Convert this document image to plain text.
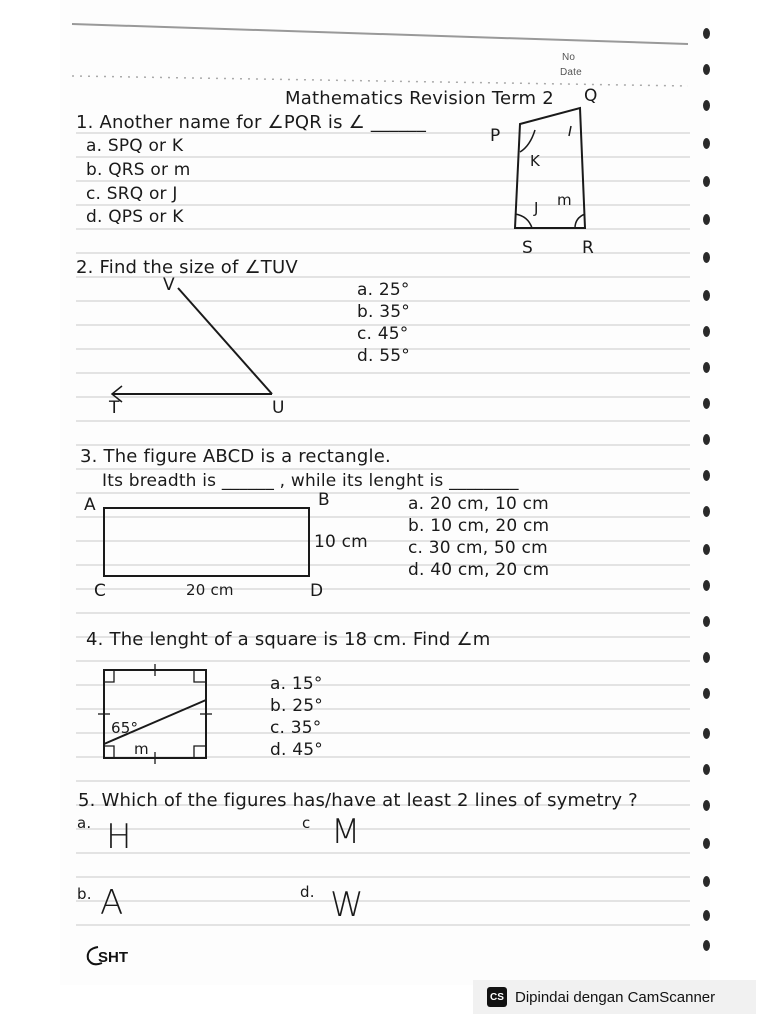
No
Date
Mathematics Revision Term 2
1. Another name for ∠PQR is ∠ ______
a. SPQ or K
b. QRS or m
c. SRQ or J
d. QPS or K
P
Q
R
S
K
J m
2. Find the size of ∠TUV
a. 25°
b. 35°
c. 45°
d. 55°
V
T	U
3. The figure ABCD is a rectangle.
Its breadth is ______ , while its lenght is ________
a. 20 cm, 10 cm
b. 10 cm, 20 cm
c. 30 cm, 50 cm
d. 40 cm, 20 cm
A	B
C	D
10 cm
20 cm
4. The lenght of a square is 18 cm. Find ∠m
a. 15°
b. 25°
c. 35°
d. 45°
65°
m
5. Which of the figures has/have at least 2 lines of symetry ?
a. H	c M
b. A	d. W
SHT
CS Dipindai dengan CamScanner
